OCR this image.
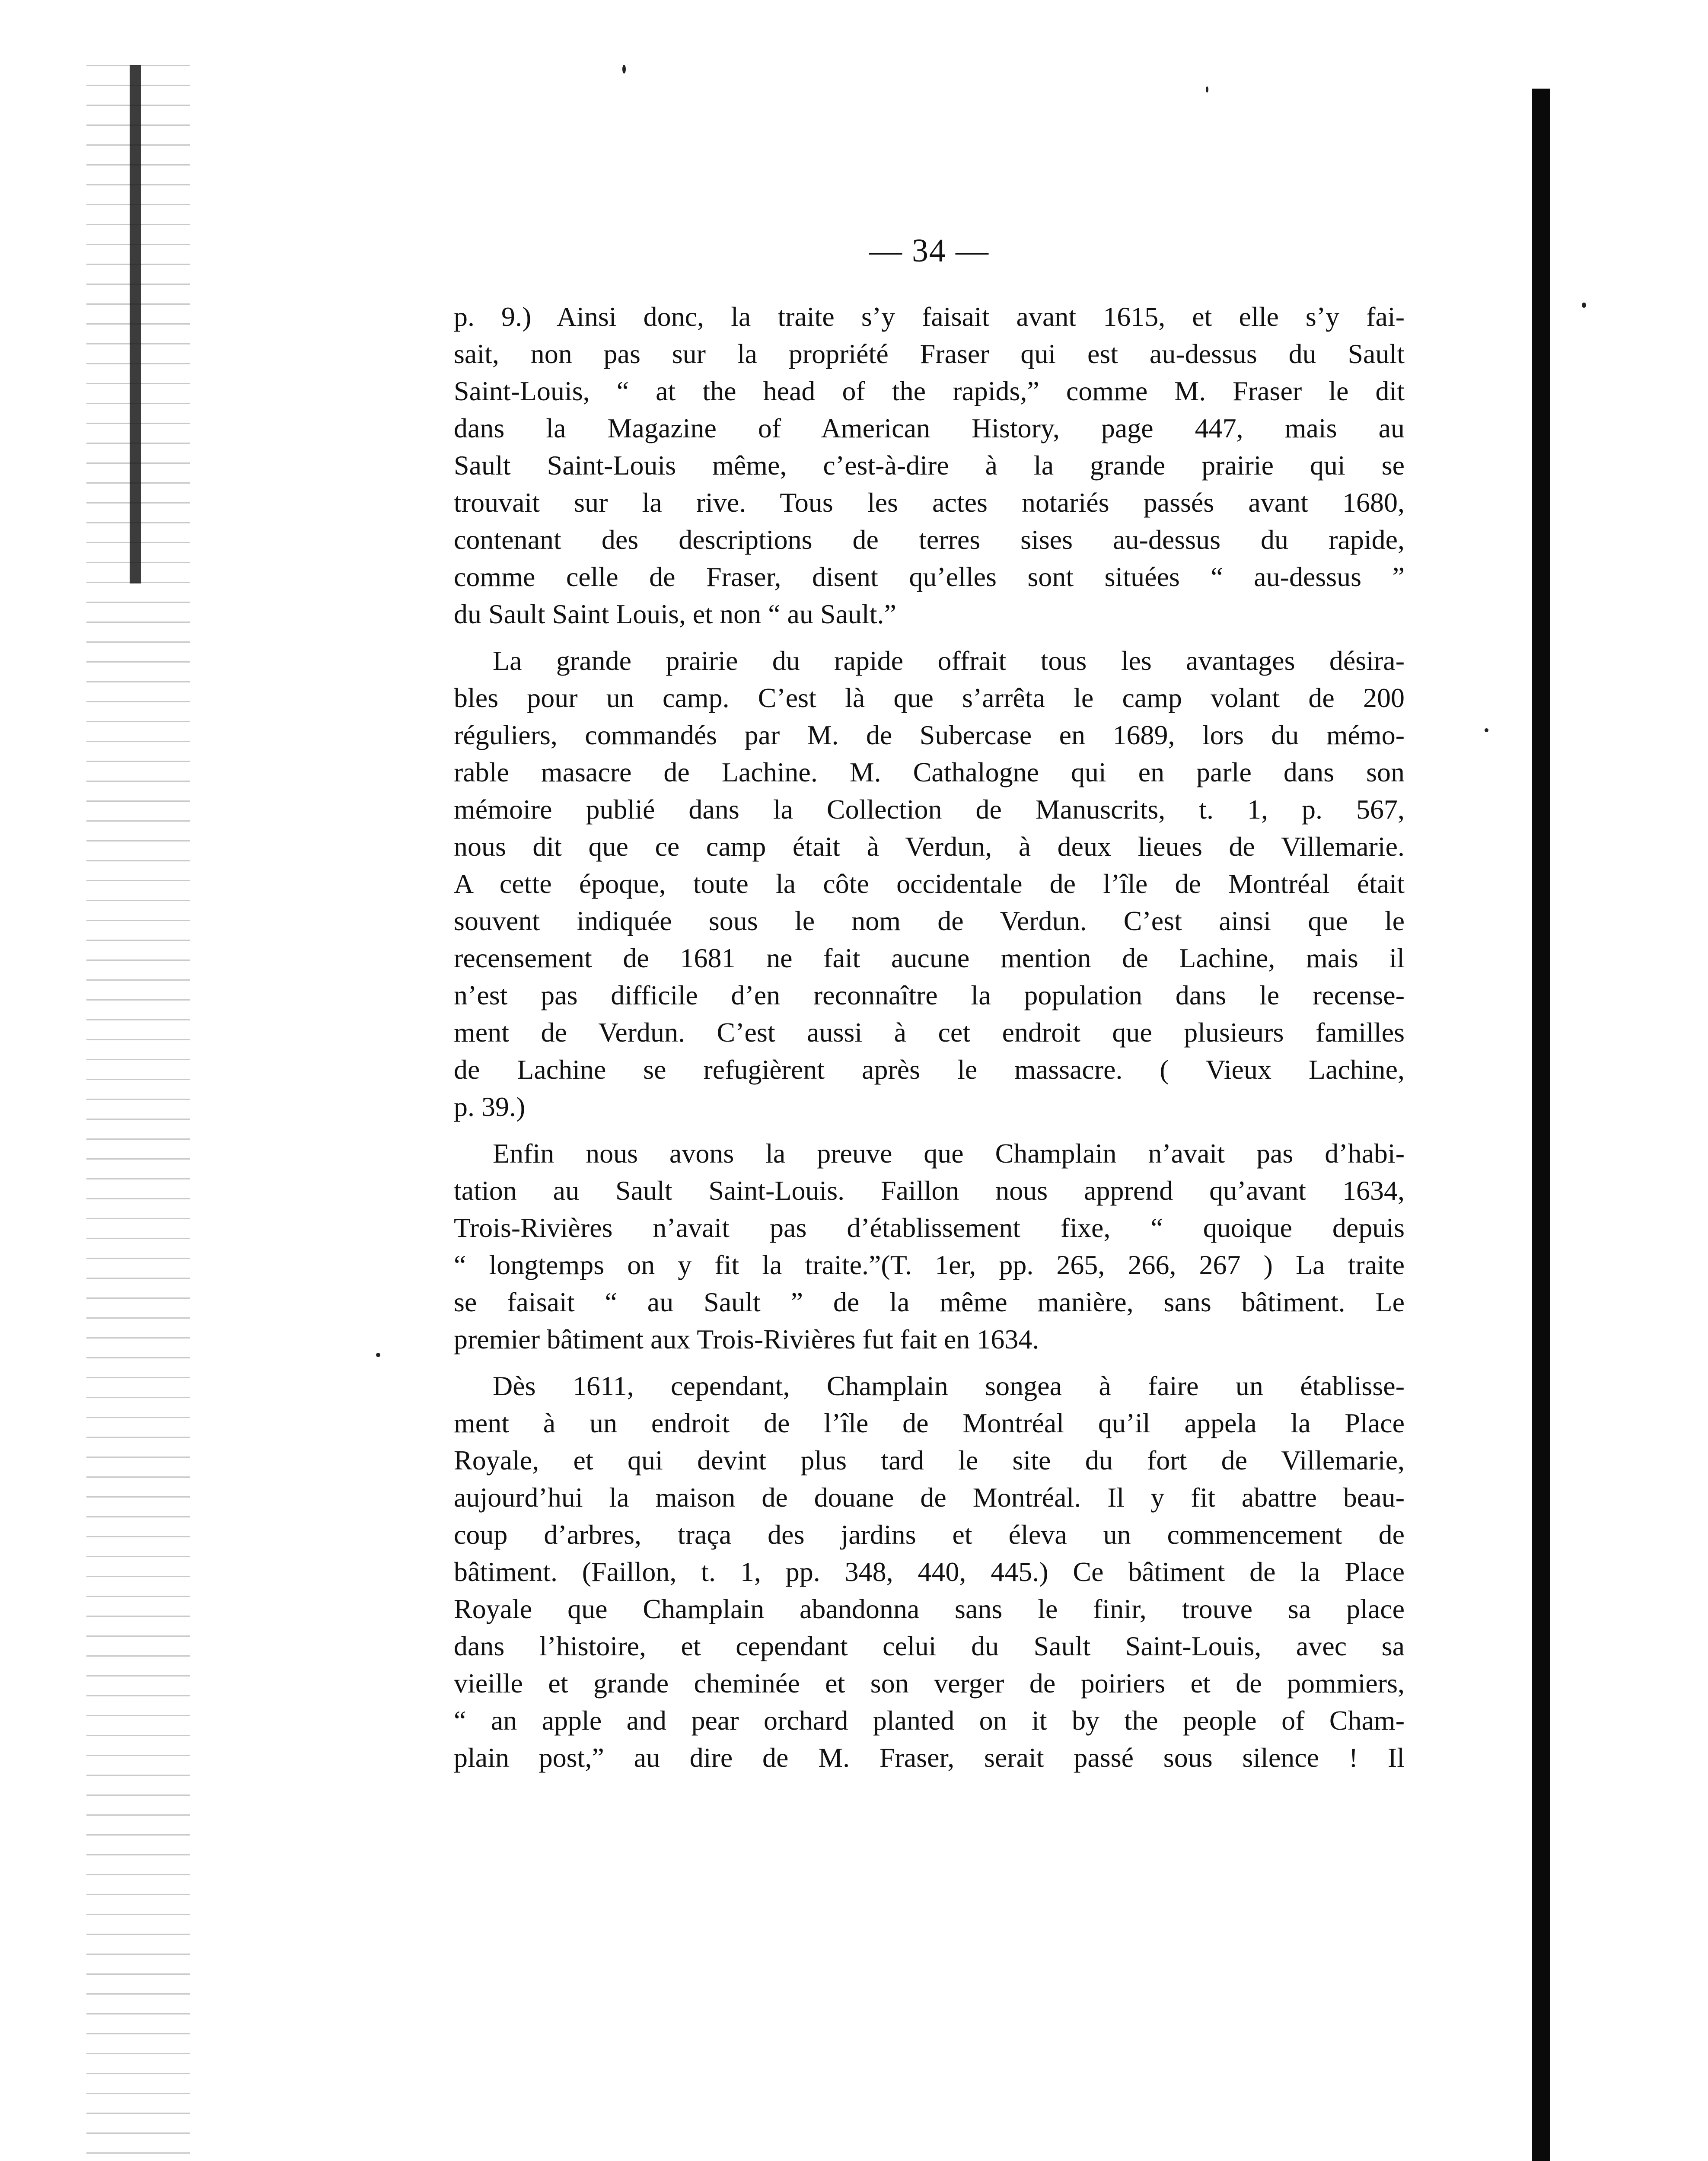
— 34 —

p. 9.) Ainsi donc, la traite s’y faisait avant 1615, et elle s’y fai-
sait, non pas sur la propriété Fraser qui est au-dessus du Sault
Saint-Louis, “ at the head of the rapids,” comme M. Fraser le dit
dans la Magazine of American History, page 447, mais au
Sault Saint-Louis même, c’est-à-dire à la grande prairie qui se
trouvait sur la rive. Tous les actes notariés passés avant 1680,
contenant des descriptions de terres sises au-dessus du rapide,
comme celle de Fraser, disent qu’elles sont situées “ au-dessus ”
du Sault Saint Louis, et non “ au Sault.”

La grande prairie du rapide offrait tous les avantages désira-
bles pour un camp. C’est là que s’arrêta le camp volant de 200
réguliers, commandés par M. de Subercase en 1689, lors du mémo-
rable masacre de Lachine. M. Cathalogne qui en parle dans son
mémoire publié dans la Collection de Manuscrits, t. 1, p. 567,
nous dit que ce camp était à Verdun, à deux lieues de Villemarie.
A cette époque, toute la côte occidentale de l’île de Montréal était
souvent indiquée sous le nom de Verdun. C’est ainsi que le
recensement de 1681 ne fait aucune mention de Lachine, mais il
n’est pas difficile d’en reconnaître la population dans le recense-
ment de Verdun. C’est aussi à cet endroit que plusieurs familles
de Lachine se refugièrent après le massacre. ( Vieux Lachine,
p. 39.)

Enfin nous avons la preuve que Champlain n’avait pas d’habi-
tation au Sault Saint-Louis. Faillon nous apprend qu’avant 1634,
Trois-Rivières n’avait pas d’établissement fixe, “ quoique depuis
“ longtemps on y fit la traite.”(T. 1er, pp. 265, 266, 267 ) La traite
se faisait “ au Sault ” de la même manière, sans bâtiment. Le
premier bâtiment aux Trois-Rivières fut fait en 1634.

Dès 1611, cependant, Champlain songea à faire un établisse-
ment à un endroit de l’île de Montréal qu’il appela la Place
Royale, et qui devint plus tard le site du fort de Villemarie,
aujourd’hui la maison de douane de Montréal. Il y fit abattre beau-
coup d’arbres, traça des jardins et éleva un commencement de
bâtiment. (Faillon, t. 1, pp. 348, 440, 445.) Ce bâtiment de la Place
Royale que Champlain abandonna sans le finir, trouve sa place
dans l’histoire, et cependant celui du Sault Saint-Louis, avec sa
vieille et grande cheminée et son verger de poiriers et de pommiers,
“ an apple and pear orchard planted on it by the people of Cham-
plain post,” au dire de M. Fraser, serait passé sous silence ! Il
